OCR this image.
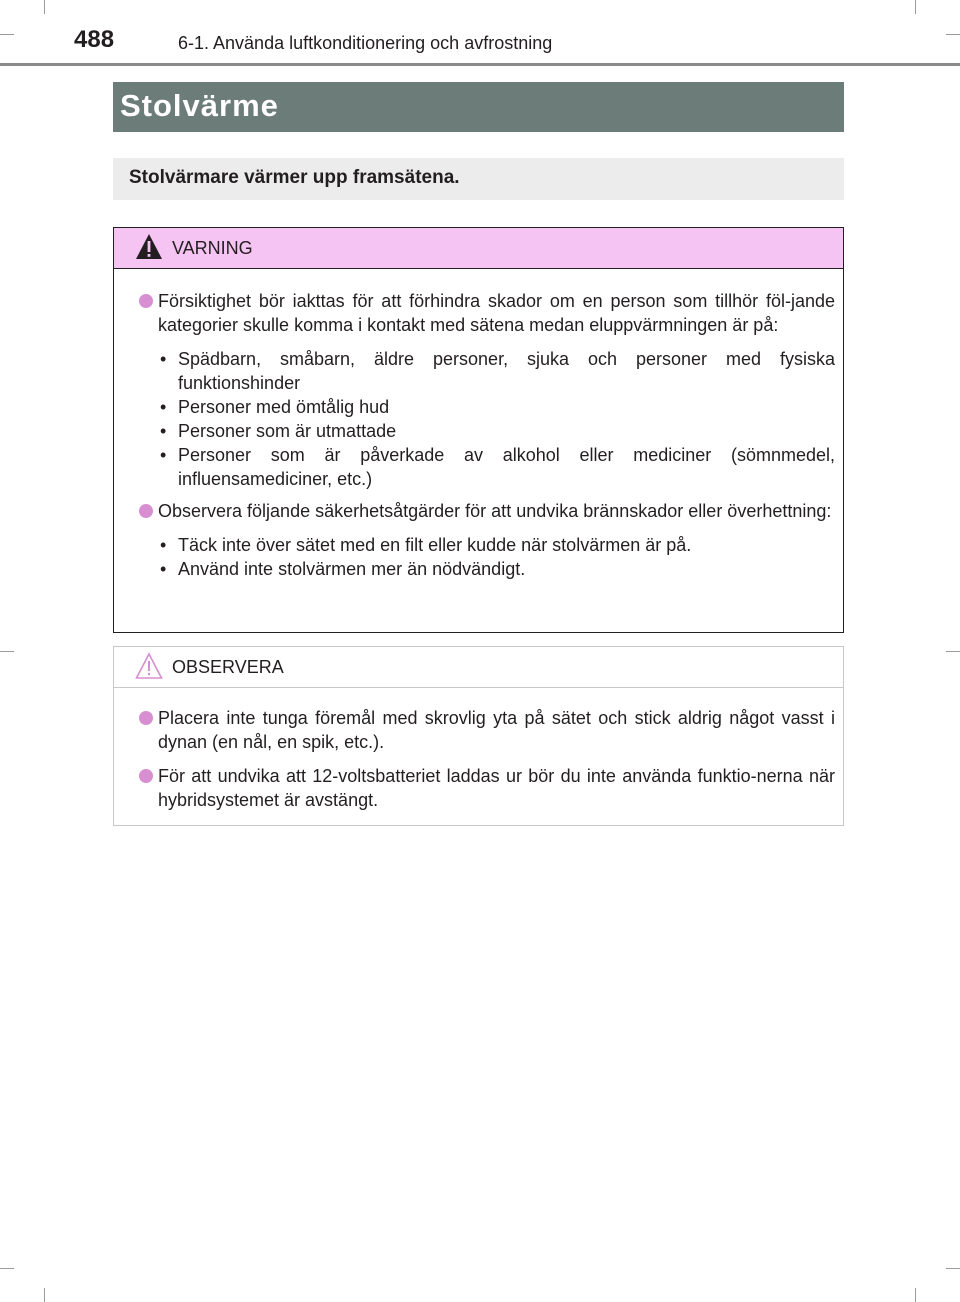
488	6-1. Använda luftkonditionering och avfrostning
Stolvärme
Stolvärmare värmer upp framsätena.
VARNING
Försiktighet bör iakttas för att förhindra skador om en person som tillhör föl-jande kategorier skulle komma i kontakt med sätena medan eluppvärmningen är på:
• Spädbarn, småbarn, äldre personer, sjuka och personer med fysiska funktionshinder
• Personer med ömtålig hud
• Personer som är utmattade
• Personer som är påverkade av alkohol eller mediciner (sömnmedel, influensamediciner, etc.)
Observera följande säkerhetsåtgärder för att undvika brännskador eller överhettning:
• Täck inte över sätet med en filt eller kudde när stolvärmen är på.
• Använd inte stolvärmen mer än nödvändigt.
OBSERVERA
Placera inte tunga föremål med skrovlig yta på sätet och stick aldrig något vasst i dynan (en nål, en spik, etc.).
För att undvika att 12-voltsbatteriet laddas ur bör du inte använda funktio-nerna när hybridsystemet är avstängt.
